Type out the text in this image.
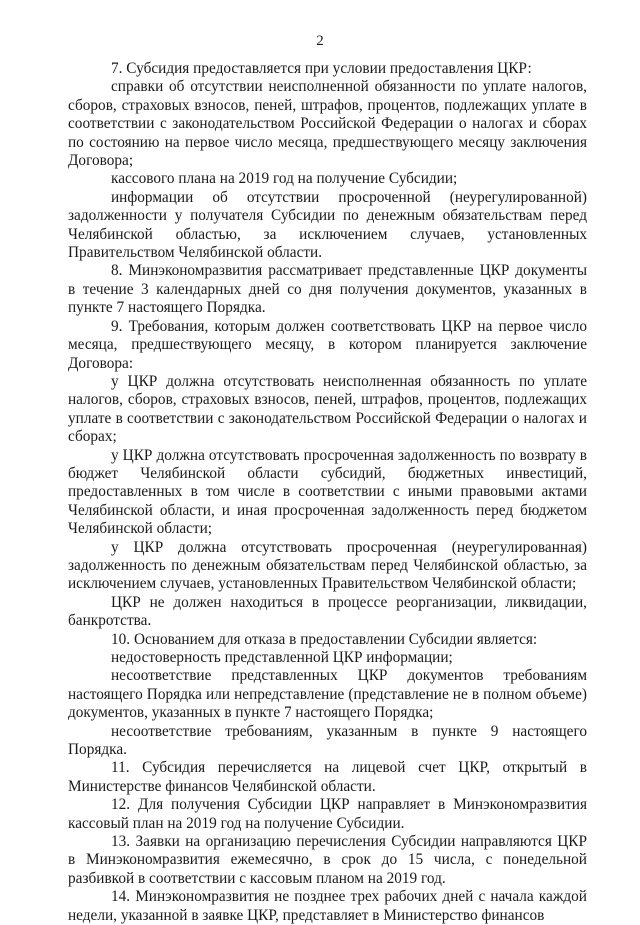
2

7. Субсидия предоставляется при условии предоставления ЦКР:

справки об отсутствии неисполненной обязанности по уплате налогов, сборов, страховых взносов, пеней, штрафов, процентов, подлежащих уплате в соответствии с законодательством Российской Федерации о налогах и сборах по состоянию на первое число месяца, предшествующего месяцу заключения Договора;

кассового плана на 2019 год на получение Субсидии;

информации об отсутствии просроченной (неурегулированной) задолженности у получателя Субсидии по денежным обязательствам перед Челябинской областью, за исключением случаев, установленных Правительством Челябинской области.

8. Минэкономразвития рассматривает представленные ЦКР документы в течение 3 календарных дней со дня получения документов, указанных в пункте 7 настоящего Порядка.

9. Требования, которым должен соответствовать ЦКР на первое число месяца, предшествующего месяцу, в котором планируется заключение Договора:

у ЦКР должна отсутствовать неисполненная обязанность по уплате налогов, сборов, страховых взносов, пеней, штрафов, процентов, подлежащих уплате в соответствии с законодательством Российской Федерации о налогах и сборах;

у ЦКР должна отсутствовать просроченная задолженность по возврату в бюджет Челябинской области субсидий, бюджетных инвестиций, предоставленных в том числе в соответствии с иными правовыми актами Челябинской области, и иная просроченная задолженность перед бюджетом Челябинской области;

у ЦКР должна отсутствовать просроченная (неурегулированная) задолженность по денежным обязательствам перед Челябинской областью, за исключением случаев, установленных Правительством Челябинской области;

ЦКР не должен находиться в процессе реорганизации, ликвидации, банкротства.

10. Основанием для отказа в предоставлении Субсидии является:

недостоверность представленной ЦКР информации;

несоответствие представленных ЦКР документов требованиям настоящего Порядка или непредставление (представление не в полном объеме) документов, указанных в пункте 7 настоящего Порядка;

несоответствие требованиям, указанным в пункте 9 настоящего Порядка.

11. Субсидия перечисляется на лицевой счет ЦКР, открытый в Министерстве финансов Челябинской области.

12. Для получения Субсидии ЦКР направляет в Минэкономразвития кассовый план на 2019 год на получение Субсидии.

13. Заявки на организацию перечисления Субсидии направляются ЦКР в Минэкономразвития ежемесячно, в срок до 15 числа, с понедельной разбивкой в соответствии с кассовым планом на 2019 год.

14. Минэкономразвития не позднее трех рабочих дней с начала каждой недели, указанной в заявке ЦКР, представляет в Министерство финансов
